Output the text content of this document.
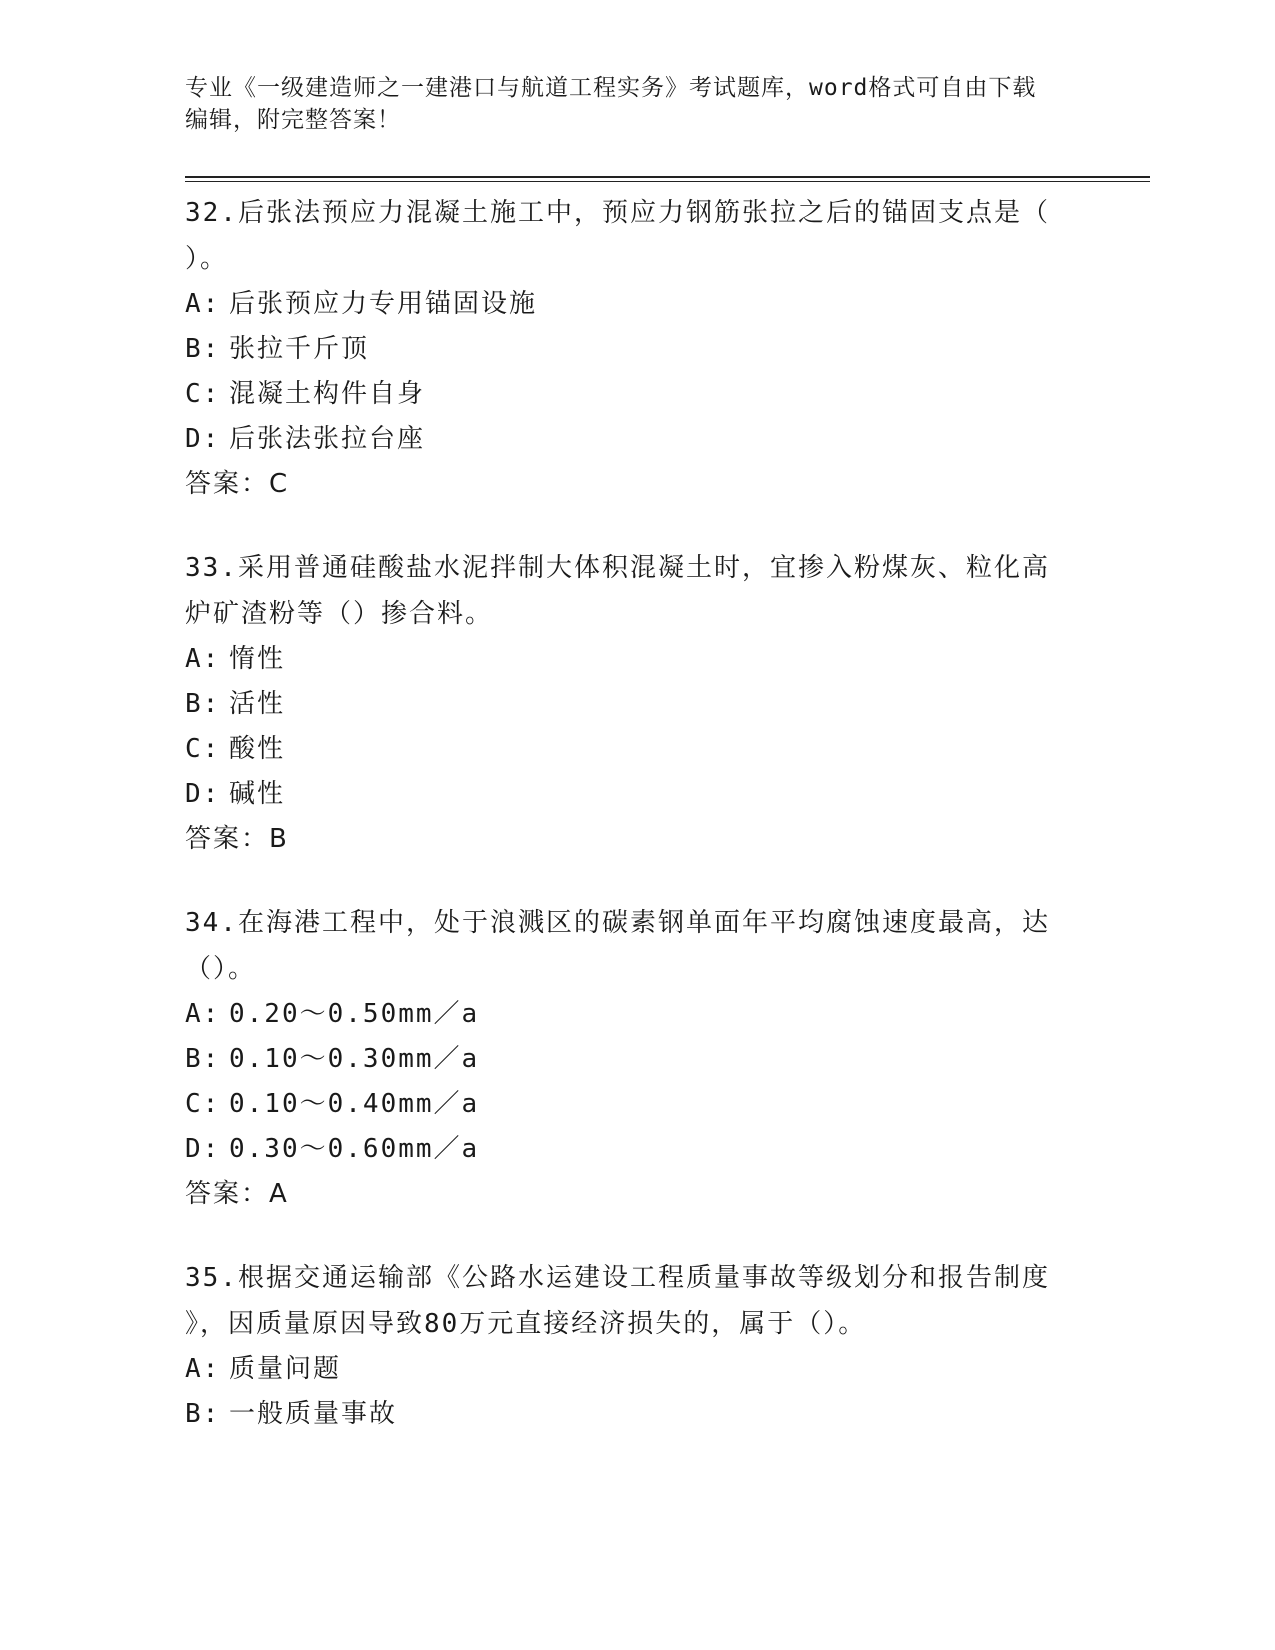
专业《一级建造师之一建港口与航道工程实务》考试题库，word格式可自由下载
编辑，附完整答案！
32.后张法预应力混凝土施工中，预应力钢筋张拉之后的锚固支点是（
）。
A: 后张预应力专用锚固设施
B: 张拉千斤顶
C: 混凝土构件自身
D: 后张法张拉台座
答案：C
33.采用普通硅酸盐水泥拌制大体积混凝土时，宜掺入粉煤灰、粒化高
炉矿渣粉等（）掺合料。
A: 惰性
B: 活性
C: 酸性
D: 碱性
答案：B
34.在海港工程中，处于浪溅区的碳素钢单面年平均腐蚀速度最高，达
（）。
A: 0.20～0.50mm／a
B: 0.10～0.30mm／a
C: 0.10～0.40mm／a
D: 0.30～0.60mm／a
答案：A
35.根据交通运输部《公路水运建设工程质量事故等级划分和报告制度
》，因质量原因导致80万元直接经济损失的，属于（）。
A: 质量问题
B: 一般质量事故
